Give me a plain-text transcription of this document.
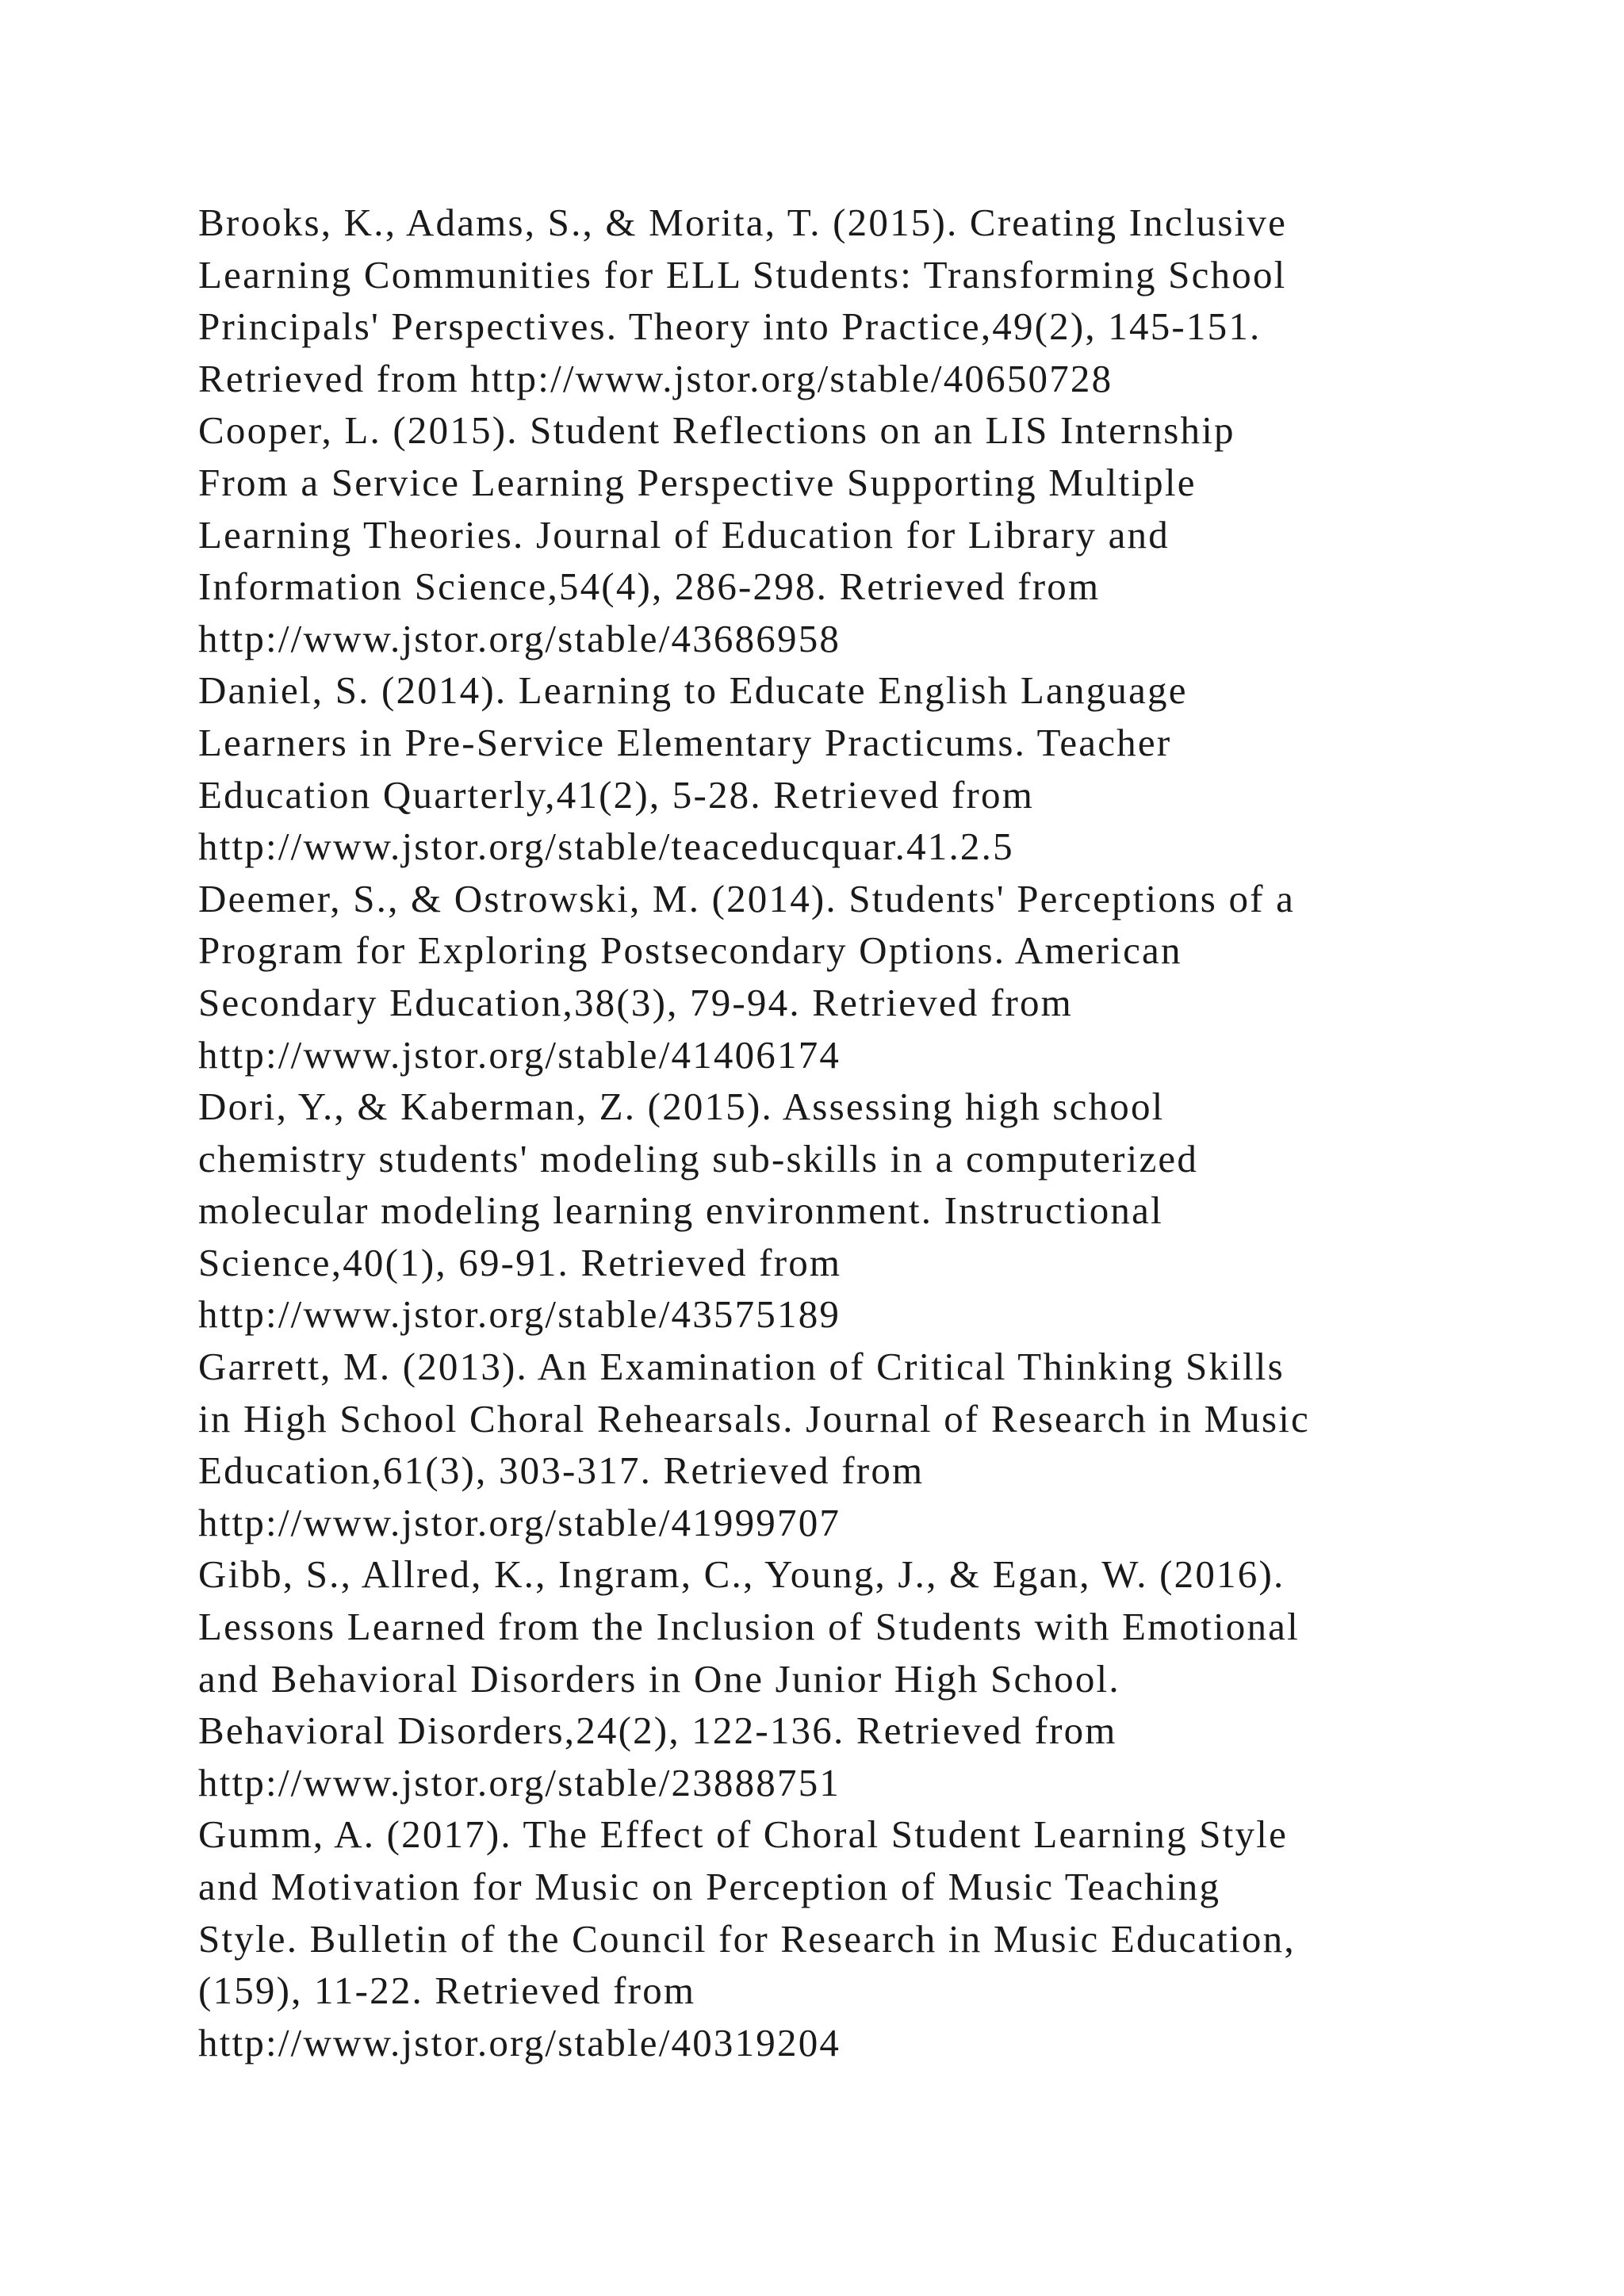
Brooks, K., Adams, S., & Morita, T. (2015). Creating Inclusive
Learning Communities for ELL Students: Transforming School
Principals' Perspectives. Theory into Practice,49(2), 145-151.
Retrieved from http://www.jstor.org/stable/40650728
Cooper, L. (2015). Student Reflections on an LIS Internship
From a Service Learning Perspective Supporting Multiple
Learning Theories. Journal of Education for Library and
Information Science,54(4), 286-298. Retrieved from
http://www.jstor.org/stable/43686958
Daniel, S. (2014). Learning to Educate English Language
Learners in Pre-Service Elementary Practicums. Teacher
Education Quarterly,41(2), 5-28. Retrieved from
http://www.jstor.org/stable/teaceducquar.41.2.5
Deemer, S., & Ostrowski, M. (2014). Students' Perceptions of a
Program for Exploring Postsecondary Options. American
Secondary Education,38(3), 79-94. Retrieved from
http://www.jstor.org/stable/41406174
Dori, Y., & Kaberman, Z. (2015). Assessing high school
chemistry students' modeling sub-skills in a computerized
molecular modeling learning environment. Instructional
Science,40(1), 69-91. Retrieved from
http://www.jstor.org/stable/43575189
Garrett, M. (2013). An Examination of Critical Thinking Skills
in High School Choral Rehearsals. Journal of Research in Music
Education,61(3), 303-317. Retrieved from
http://www.jstor.org/stable/41999707
Gibb, S., Allred, K., Ingram, C., Young, J., & Egan, W. (2016).
Lessons Learned from the Inclusion of Students with Emotional
and Behavioral Disorders in One Junior High School.
Behavioral Disorders,24(2), 122-136. Retrieved from
http://www.jstor.org/stable/23888751
Gumm, A. (2017). The Effect of Choral Student Learning Style
and Motivation for Music on Perception of Music Teaching
Style. Bulletin of the Council for Research in Music Education,
(159), 11-22. Retrieved from
http://www.jstor.org/stable/40319204
